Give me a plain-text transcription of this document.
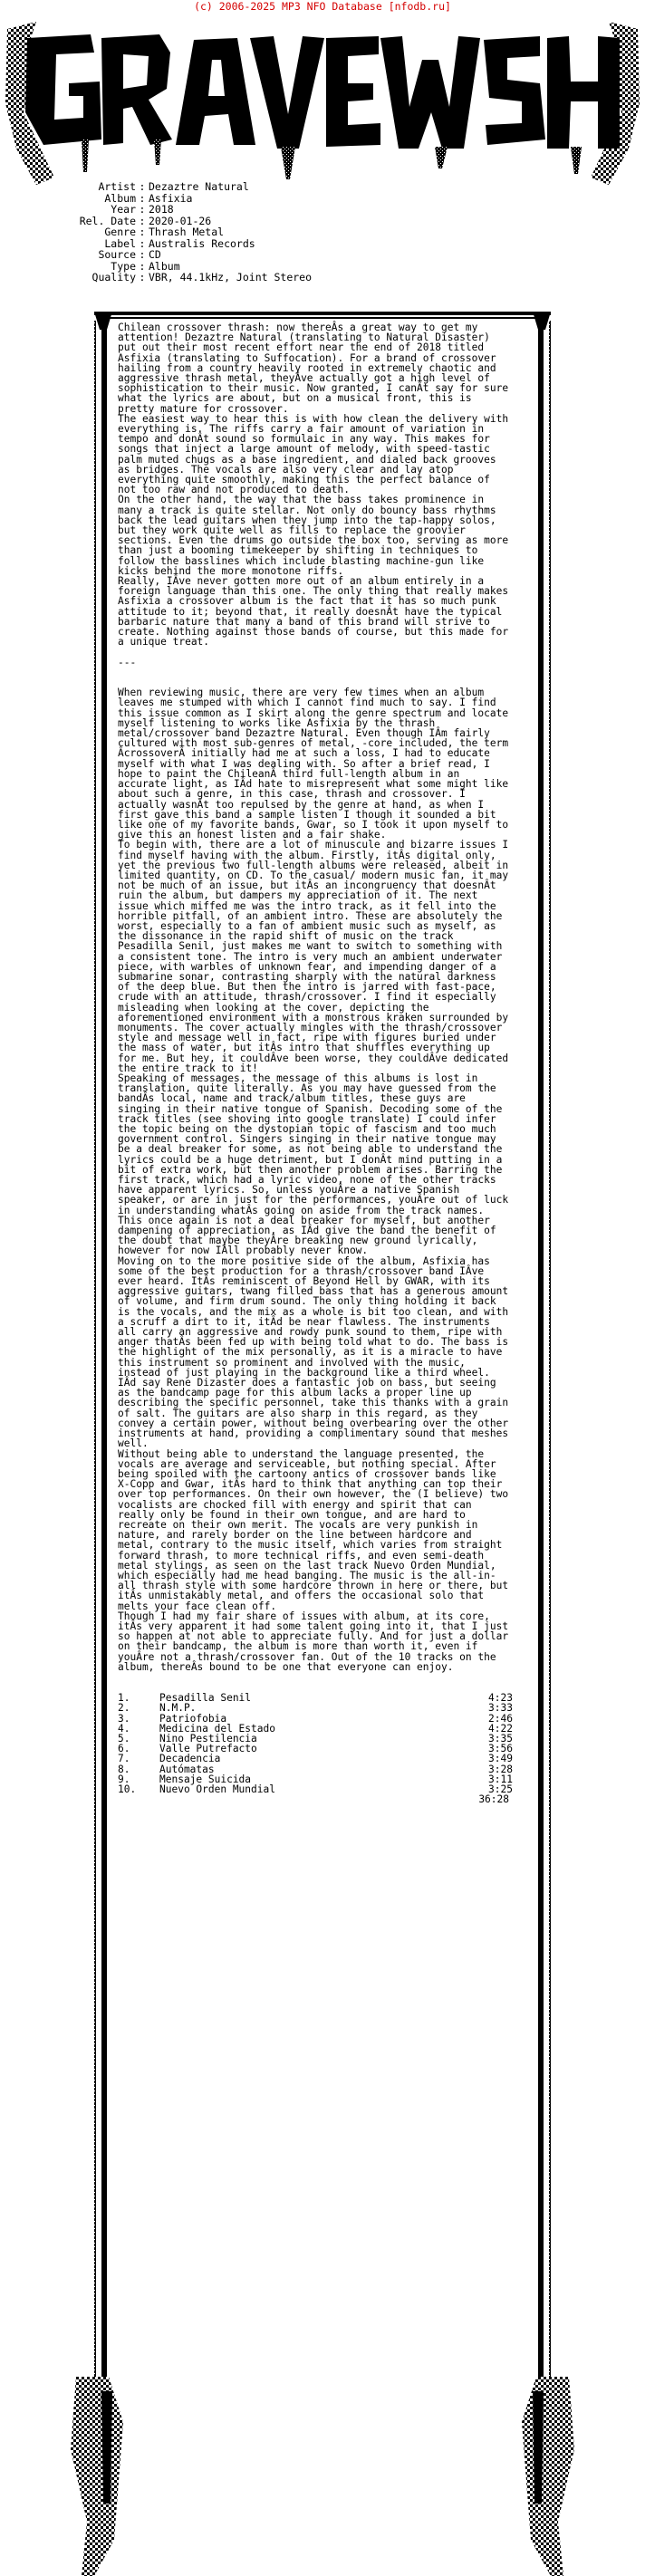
(c) 2006-2025 MP3 NFO Database [nfodb.ru]
Artist : Dezaztre Natural
Album : Asfixia
Year : 2018
Rel. Date : 2020-01-26
Genre : Thrash Metal
Label : Australis Records
Source : CD
Type : Album
Quality : VBR, 44.1kHz, Joint Stereo

Chilean crossover thrash: now thereÂs a great way to get my attention! Dezaztre Natural (translating to Natural Disaster) put out their most recent effort near the end of 2018 titled Asfixia (translating to Suffocation). For a brand of crossover hailing from a country heavily rooted in extremely chaotic and aggressive thrash metal, theyÂve actually got a high level of sophistication to their music. Now granted, I canÂt say for sure what the lyrics are about, but on a musical front, this is pretty mature for crossover.

The easiest way to hear this is with how clean the delivery with everything is. The riffs carry a fair amount of variation in tempo and donÂt sound so formulaic in any way. This makes for songs that inject a large amount of melody, with speed-tastic palm muted chugs as a base ingredient, and dialed back grooves as bridges. The vocals are also very clear and lay atop everything quite smoothly, making this the perfect balance of not too raw and not produced to death.

On the other hand, the way that the bass takes prominence in many a track is quite stellar. Not only do bouncy bass rhythms back the lead guitars when they jump into the tap-happy solos, but they work quite well as fills to replace the groovier sections. Even the drums go outside the box too, serving as more than just a booming timekeeper by shifting in techniques to follow the basslines which include blasting machine-gun like kicks behind the more monotone riffs.

Really, IÂve never gotten more out of an album entirely in a foreign language than this one. The only thing that really makes Asfixia a crossover album is the fact that it has so much punk attitude to it; beyond that, it really doesnÂt have the typical barbaric nature that many a band of this brand will strive to create. Nothing against those bands of course, but this made for a unique treat.

---

When reviewing music, there are very few times when an album leaves me stumped with which I cannot find much to say. I find this issue common as I skirt along the genre spectrum and locate myself listening to works like Asfixia by the thrash metal/crossover band Dezaztre Natural. Even though IÂm fairly cultured with most sub-genres of metal, -core included, the term ÂcrossoverÂ initially had me at such a loss, I had to educate myself with what I was dealing with. So after a brief read, I hope to paint the ChileanÂ third full-length album in an accurate light, as IÂd hate to misrepresent what some might like about such a genre, in this case, thrash and crossover. I actually wasnÂt too repulsed by the genre at hand, as when I first gave this band a sample listen I though it sounded a bit like one of my favorite bands, Gwar, so I took it upon myself to give this an honest listen and a fair shake.

To begin with, there are a lot of minuscule and bizarre issues I find myself having with the album. Firstly, itÂs digital only, yet the previous two full-length albums were released, albeit in limited quantity, on CD. To the casual/ modern music fan, it may not be much of an issue, but itÂs an incongruency that doesnÂt ruin the album, but dampers my appreciation of it. The next issue which miffed me was the intro track, as it fell into the horrible pitfall, of an ambient intro. These are absolutely the worst, especially to a fan of ambient music such as myself, as the dissonance in the rapid shift of music on the track Pesadilla Senil, just makes me want to switch to something with a consistent tone. The intro is very much an ambient underwater piece, with warbles of unknown fear, and impending danger of a submarine sonar, contrasting sharply with the natural darkness of the deep blue. But then the intro is jarred with fast-pace, crude with an attitude, thrash/crossover. I find it especially misleading when looking at the cover, depicting the aforementioned environment with a monstrous kraken surrounded by monuments. The cover actually mingles with the thrash/crossover style and message well in fact, ripe with figures buried under the mass of water, but itÂs intro that shuffles everything up for me. But hey, it couldÂve been worse, they couldÂve dedicated the entire track to it!

Speaking of messages, the message of this albums is lost in translation, quite literally. As you may have guessed from the bandÂs local, name and track/album titles, these guys are singing in their native tongue of Spanish. Decoding some of the track titles (see shoving into google translate) I could infer the topic being on the dystopian topic of fascism and too much government control. Singers singing in their native tongue may be a deal breaker for some, as not being able to understand the lyrics could be a huge detriment, but I donÂt mind putting in a bit of extra work, but then another problem arises. Barring the first track, which had a lyric video, none of the other tracks have apparent lyrics. So, unless youÂre a native Spanish speaker, or are in just for the performances, youÂre out of luck in understanding whatÂs going on aside from the track names. This once again is not a deal breaker for myself, but another dampening of appreciation, as IÂd give the band the benefit of the doubt that maybe theyÂre breaking new ground lyrically, however for now IÂll probably never know.

Moving on to the more positive side of the album, Asfixia has some of the best production for a thrash/crossover band IÂve ever heard. ItÂs reminiscent of Beyond Hell by GWAR, with its aggressive guitars, twang filled bass that has a generous amount of volume, and firm drum sound. The only thing holding it back is the vocals, and the mix as a whole is bit too clean, and with a scruff a dirt to it, itÂd be near flawless. The instruments all carry an aggressive and rowdy punk sound to them, ripe with anger thatÂs been fed up with being told what to do. The bass is the highlight of the mix personally, as it is a miracle to have this instrument so prominent and involved with the music, instead of just playing in the background like a third wheel. IÂd say Rene Dizaster does a fantastic job on bass, but seeing as the bandcamp page for this album lacks a proper line up describing the specific personnel, take this thanks with a grain of salt. The guitars are also sharp in this regard, as they convey a certain power, without being overbearing over the other instruments at hand, providing a complimentary sound that meshes well.

Without being able to understand the language presented, the vocals are average and serviceable, but nothing special. After being spoiled with the cartoony antics of crossover bands like X-Copp and Gwar, itÂs hard to think that anything can top their over top performances. On their own however, the (I believe) two vocalists are chocked fill with energy and spirit that can really only be found in their own tongue, and are hard to recreate on their own merit. The vocals are very punkish in nature, and rarely border on the line between hardcore and metal, contrary to the music itself, which varies from straight forward thrash, to more technical riffs, and even semi-death metal stylings, as seen on the last track Nuevo Orden Mundial, which especially had me head banging. The music is the all-in-all thrash style with some hardcore thrown in here or there, but itÂs unmistakably metal, and offers the occasional solo that melts your face clean off.

Though I had my fair share of issues with album, at its core, itÂs very apparent it had some talent going into it, that I just so happen at not able to appreciate fully. And for just a dollar on their bandcamp, the album is more than worth it, even if youÂre not a thrash/crossover fan. Out of the 10 tracks on the album, thereÂs bound to be one that everyone can enjoy.

1.	Pesadilla Senil	4:23
2.	N.M.P.	3:33
3.	Patriofobia	2:46
4.	Medicina del Estado	4:22
5.	Nino Pestilencia	3:35
6.	Valle Putrefacto	3:56
7.	Decadencia	3:49
8.	Autómatas	3:28
9.	Mensaje Suicida	3:11
10.	Nuevo Orden Mundial	3:25
36:28
